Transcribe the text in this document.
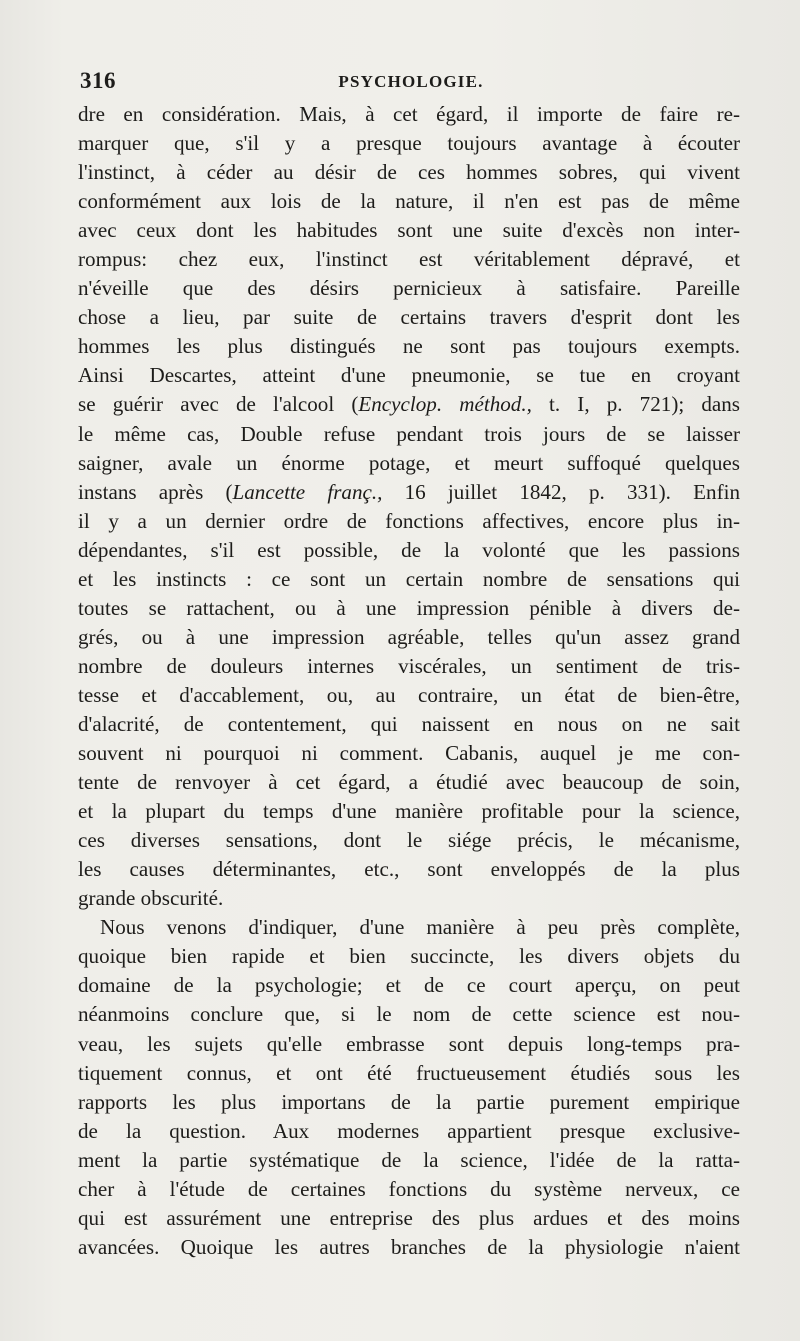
316	PSYCHOLOGIE.
dre en considération. Mais, à cet égard, il importe de faire re-
marquer que, s'il y a presque toujours avantage à écouter
l'instinct, à céder au désir de ces hommes sobres, qui vivent
conformément aux lois de la nature, il n'en est pas de même
avec ceux dont les habitudes sont une suite d'excès non inter-
rompus: chez eux, l'instinct est véritablement dépravé, et
n'éveille que des désirs pernicieux à satisfaire. Pareille
chose a lieu, par suite de certains travers d'esprit dont les
hommes les plus distingués ne sont pas toujours exempts.
Ainsi Descartes, atteint d'une pneumonie, se tue en croyant
se guérir avec de l'alcool (Encyclop. méthod., t. I, p. 721); dans
le même cas, Double refuse pendant trois jours de se laisser
saigner, avale un énorme potage, et meurt suffoqué quelques
instans après (Lancette franç., 16 juillet 1842, p. 331). Enfin
il y a un dernier ordre de fonctions affectives, encore plus in-
dépendantes, s'il est possible, de la volonté que les passions
et les instincts : ce sont un certain nombre de sensations qui
toutes se rattachent, ou à une impression pénible à divers de-
grés, ou à une impression agréable, telles qu'un assez grand
nombre de douleurs internes viscérales, un sentiment de tris-
tesse et d'accablement, ou, au contraire, un état de bien-être,
d'alacrité, de contentement, qui naissent en nous on ne sait
souvent ni pourquoi ni comment. Cabanis, auquel je me con-
tente de renvoyer à cet égard, a étudié avec beaucoup de soin,
et la plupart du temps d'une manière profitable pour la science,
ces diverses sensations, dont le siége précis, le mécanisme,
les causes déterminantes, etc., sont enveloppés de la plus
grande obscurité.
Nous venons d'indiquer, d'une manière à peu près complète,
quoique bien rapide et bien succincte, les divers objets du
domaine de la psychologie; et de ce court aperçu, on peut
néanmoins conclure que, si le nom de cette science est nou-
veau, les sujets qu'elle embrasse sont depuis long-temps pra-
tiquement connus, et ont été fructueusement étudiés sous les
rapports les plus importans de la partie purement empirique
de la question. Aux modernes appartient presque exclusive-
ment la partie systématique de la science, l'idée de la ratta-
cher à l'étude de certaines fonctions du système nerveux, ce
qui est assurément une entreprise des plus ardues et des moins
avancées. Quoique les autres branches de la physiologie n'aient
